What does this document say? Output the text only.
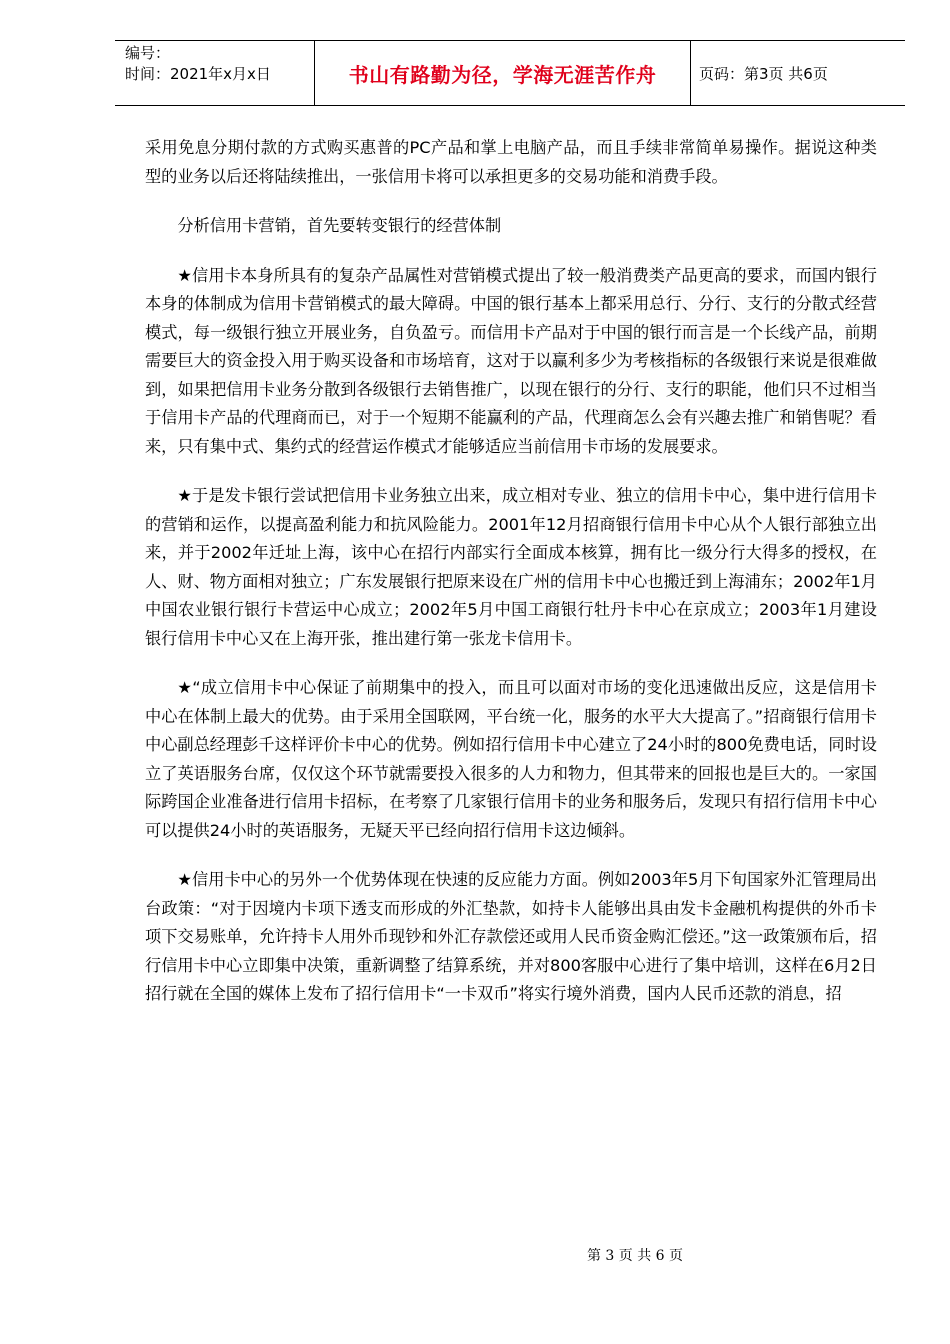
编号：
时间：2021年x月x日	书山有路勤为径，学海无涯苦作舟	页码：第3页 共6页

采用免息分期付款的方式购买惠普的PC产品和掌上电脑产品，而且手续非常简单易操作。据说这种类型的业务以后还将陆续推出，一张信用卡将可以承担更多的交易功能和消费手段。

分析信用卡营销，首先要转变银行的经营体制

★信用卡本身所具有的复杂产品属性对营销模式提出了较一般消费类产品更高的要求，而国内银行本身的体制成为信用卡营销模式的最大障碍。中国的银行基本上都采用总行、分行、支行的分散式经营模式，每一级银行独立开展业务，自负盈亏。而信用卡产品对于中国的银行而言是一个长线产品，前期需要巨大的资金投入用于购买设备和市场培育，这对于以赢利多少为考核指标的各级银行来说是很难做到，如果把信用卡业务分散到各级银行去销售推广，以现在银行的分行、支行的职能，他们只不过相当于信用卡产品的代理商而已，对于一个短期不能赢利的产品，代理商怎么会有兴趣去推广和销售呢？看来，只有集中式、集约式的经营运作模式才能够适应当前信用卡市场的发展要求。

★于是发卡银行尝试把信用卡业务独立出来，成立相对专业、独立的信用卡中心，集中进行信用卡的营销和运作，以提高盈利能力和抗风险能力。2001年12月招商银行信用卡中心从个人银行部独立出来，并于2002年迁址上海，该中心在招行内部实行全面成本核算，拥有比一级分行大得多的授权，在人、财、物方面相对独立；广东发展银行把原来设在广州的信用卡中心也搬迁到上海浦东；2002年1月中国农业银行银行卡营运中心成立；2002年5月中国工商银行牡丹卡中心在京成立；2003年1月建设银行信用卡中心又在上海开张，推出建行第一张龙卡信用卡。

★“成立信用卡中心保证了前期集中的投入，而且可以面对市场的变化迅速做出反应，这是信用卡中心在体制上最大的优势。由于采用全国联网，平台统一化，服务的水平大大提高了。”招商银行信用卡中心副总经理彭千这样评价卡中心的优势。例如招行信用卡中心建立了24小时的800免费电话，同时设立了英语服务台席，仅仅这个环节就需要投入很多的人力和物力，但其带来的回报也是巨大的。一家国际跨国企业准备进行信用卡招标，在考察了几家银行信用卡的业务和服务后，发现只有招行信用卡中心可以提供24小时的英语服务，无疑天平已经向招行信用卡这边倾斜。

★信用卡中心的另外一个优势体现在快速的反应能力方面。例如2003年5月下旬国家外汇管理局出台政策：“对于因境内卡项下透支而形成的外汇垫款，如持卡人能够出具由发卡金融机构提供的外币卡项下交易账单，允许持卡人用外币现钞和外汇存款偿还或用人民币资金购汇偿还。”这一政策颁布后，招行信用卡中心立即集中决策，重新调整了结算系统，并对800客服中心进行了集中培训，这样在6月2日招行就在全国的媒体上发布了招行信用卡“一卡双币”将实行境外消费，国内人民币还款的消息，招

第 3 页 共 6 页
